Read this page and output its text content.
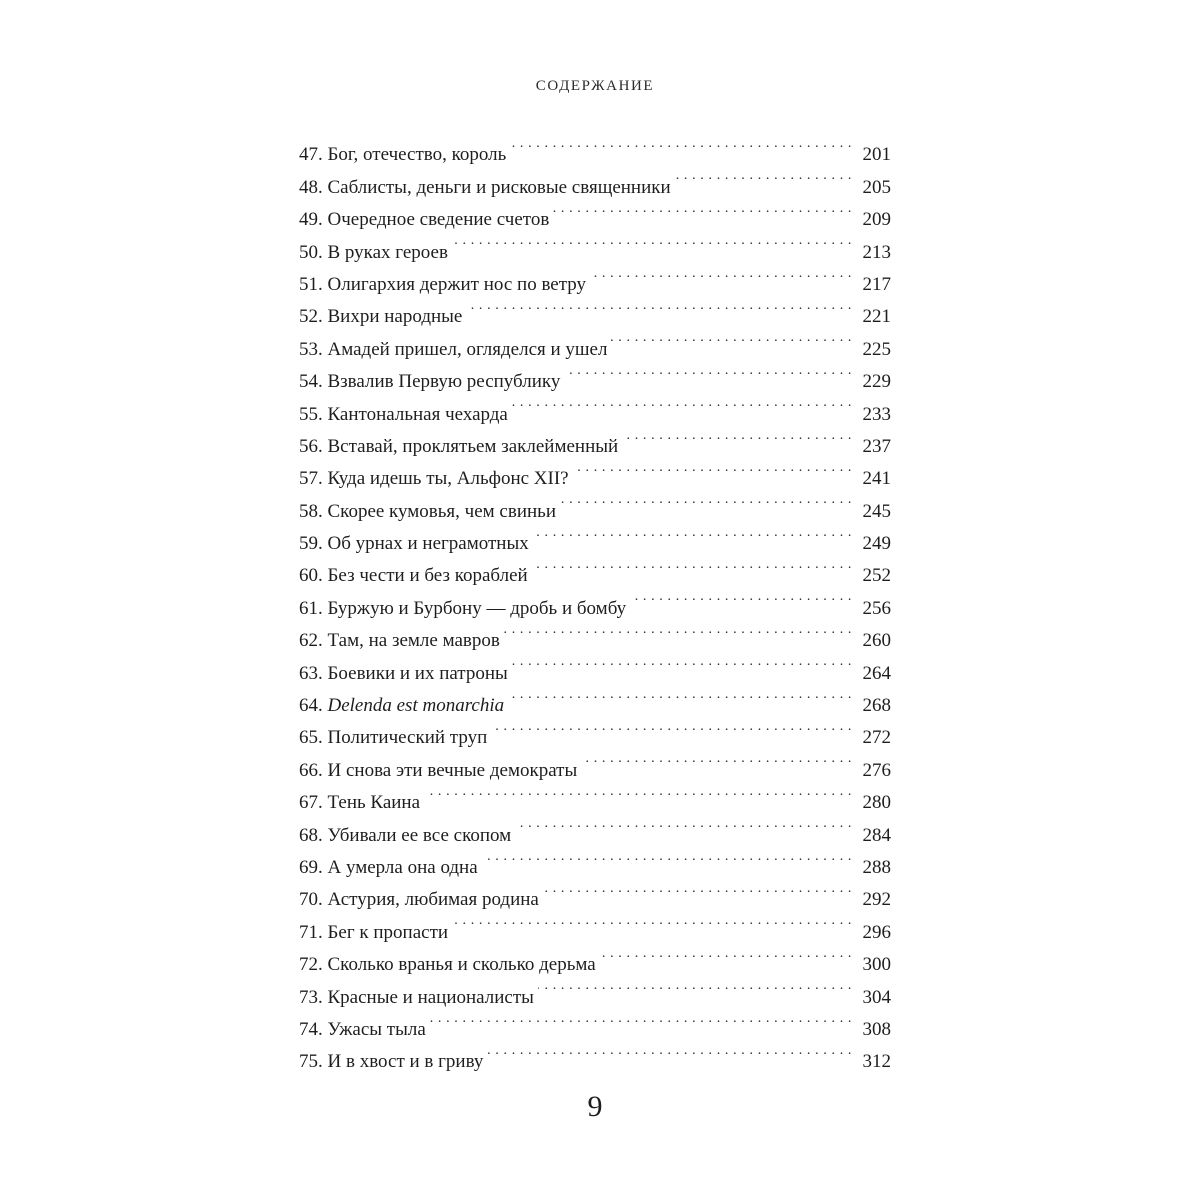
СОДЕРЖАНИЕ
47. Бог, отечество, король . . .	201
48. Саблисты, деньги и рисковые священники . . .	205
49. Очередное сведение счетов . . .	209
50. В руках героев . . .	213
51. Олигархия держит нос по ветру . . .	217
52. Вихри народные . . .	221
53. Амадей пришел, огляделся и ушел . . .	225
54. Взвалив Первую республику . . .	229
55. Кантональная чехарда . . .	233
56. Вставай, проклятьем заклейменный . . .	237
57. Куда идешь ты, Альфонс XII? . . .	241
58. Скорее кумовья, чем свиньи . . .	245
59. Об урнах и неграмотных . . .	249
60. Без чести и без кораблей . . .	252
61. Буржую и Бурбону — дробь и бомбу . . .	256
62. Там, на земле мавров . . .	260
63. Боевики и их патроны . . .	264
64. Delenda est monarchia . . .	268
65. Политический труп . . .	272
66. И снова эти вечные демократы . . .	276
67. Тень Каина . . .	280
68. Убивали ее все скопом . . .	284
69. А умерла она одна . . .	288
70. Астурия, любимая родина . . .	292
71. Бег к пропасти . . .	296
72. Сколько вранья и сколько дерьма . . .	300
73. Красные и националисты . . .	304
74. Ужасы тыла . . .	308
75. И в хвост и в гриву . . .	312
9
